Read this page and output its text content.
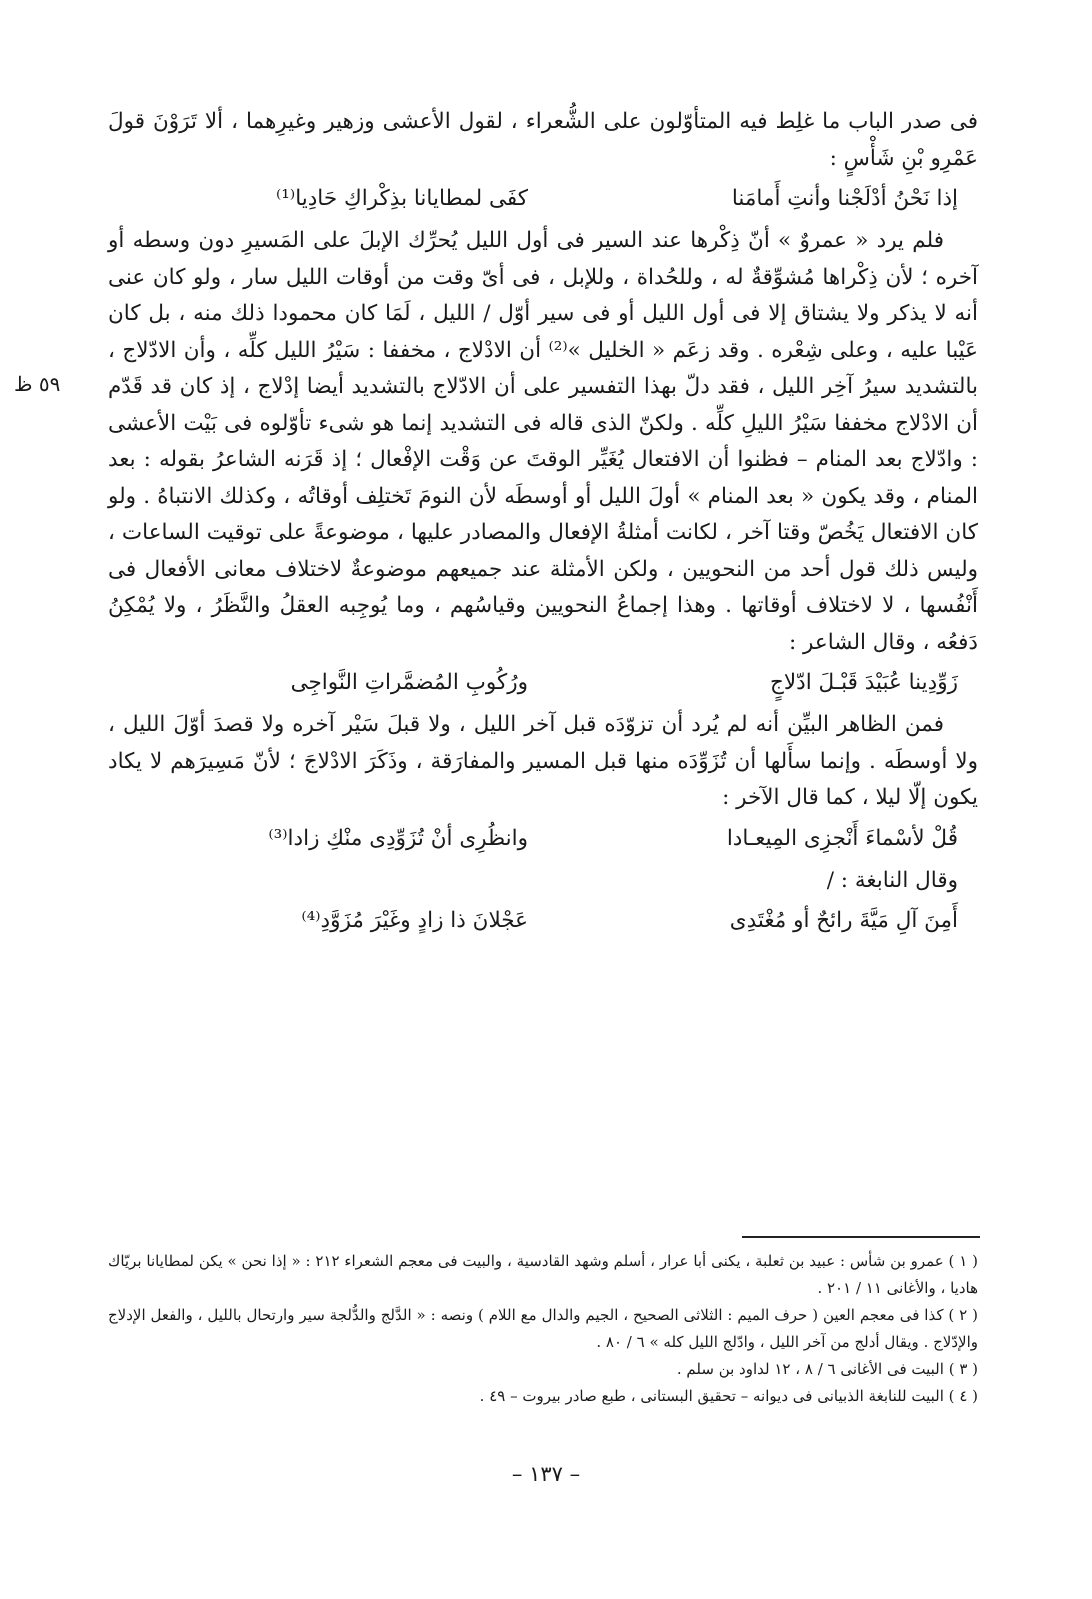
٥٩ ظ

فى صدر الباب ما غلِط فيه المتأوّلون على الشُّعراء ، لقول الأعشى وزهير وغيرِهما ، ألا تَرَوْنَ قولَ عَمْرِو بْنِ شَأْسٍ :

إذا نَحْنُ أدْلَجْنا وأنتِ أَمامَنا
كفَى لمطايانا بذِكْراكِ حَادِيا⁽¹⁾

فلم يرد « عمروٌ » أنّ ذِكْرها عند السير فى أول الليل يُحرِّك الإبلَ على المَسيرِ دون وسطه أو آخره ؛ لأن ذِكْراها مُشوِّقةٌ له ، وللحُداة ، وللإبل ، فى أىّ وقت من أوقات الليل سار ، ولو كان عنى أنه لا يذكر ولا يشتاق إلا فى أول الليل أو فى سير أوّل / الليل ، لَمَا كان محمودا ذلك منه ، بل كان عَيْبا عليه ، وعلى شِعْره . وقد زعَم « الخليل »⁽²⁾ أن الادْلاج ، مخففا : سَيْرُ الليل كلِّه ، وأن الادّلاج ، بالتشديد سيرُ آخِر الليل ، فقد دلّ بهذا التفسير على أن الادّلاج بالتشديد أيضا إدْلاج ، إذ كان قد قَدّم أن الادْلاج مخففا سَيْرُ الليلِ كلِّه . ولكنّ الذى قاله فى التشديد إنما هو شىء تأوّلوه فى بَيْت الأعشى : وادّلاج بعد المنام – فظنوا أن الافتعال يُغَيِّر الوقتَ عن وَقْت الإفْعال ؛ إذ قَرَنه الشاعرُ بقوله : بعد المنام ، وقد يكون « بعد المنام » أولَ الليل أو أوسطَه لأن النومَ تَختلِف أوقاتُه ، وكذلك الانتباهُ . ولو كان الافتعال يَخُصّ وقتا آخر ، لكانت أمثلةُ الإفعال والمصادر عليها ، موضوعةً على توقيت الساعات ، وليس ذلك قول أحد من النحويين ، ولكن الأمثلة عند جميعهم موضوعةٌ لاختلاف معانى الأفعال فى أَنْفُسها ، لا لاختلاف أوقاتها . وهذا إجماعُ النحويين وقياسُهم ، وما يُوجِبه العقلُ والنَّظَرُ ، ولا يُمْكِنُ دَفعُه ، وقال الشاعر :

زَوِّدِينا عُبَيْدَ قَبْـلَ ادّلاجٍ
ورُكُوبِ المُضمَّراتِ النَّواجِى

فمن الظاهر البيِّن أنه لم يُرد أن تزوّدَه قبل آخر الليل ، ولا قبلَ سَيْر آخره ولا قصدَ أوّلَ الليل ، ولا أوسطَه . وإنما سأَلها أن تُزَوِّدَه منها قبل المسير والمفارَقة ، وذَكَرَ الادْلاجَ ؛ لأنّ مَسِيرَهم لا يكاد يكون إلّا ليلا ، كما قال الآخر :

قُلْ لأسْماءَ أَنْجزِى المِيعـادا
وانظُرِى أنْ تُزَوِّدِى منْكِ زادا⁽³⁾

وقال النابغة : /

أَمِنَ آلِ مَيَّةَ رائحٌ أو مُغْتَدِى
عَجْلانَ ذا زادٍ وغَيْرَ مُزَوَّدِ⁽⁴⁾

( ١ ) عمرو بن شأس : عبيد بن ثعلبة ، يكنى أبا عرار ، أسلم وشهد القادسية ، والبيت فى معجم الشعراء ٢١٢ : « إذا نحن » يكن لمطايانا بريّاك هاديا ، والأغانى ١١ / ٢٠١ .

( ٢ ) كذا فى معجم العين ( حرف الميم : الثلاثى الصحيح ، الجيم والدال مع اللام ) ونصه : « الدَّلج والدُّلجة سير وارتحال بالليل ، والفعل الإدلاج والإدّلاج . ويقال أدلج من آخر الليل ، وادّلج الليل كله » ٦ / ٨٠ .

( ٣ ) البيت فى الأغانى ٦ / ٨ ، ١٢ لداود بن سلم .

( ٤ ) البيت للنابغة الذبيانى فى ديوانه – تحقيق البستانى ، طبع صادر بيروت – ٤٩ .

– ١٣٧ –
